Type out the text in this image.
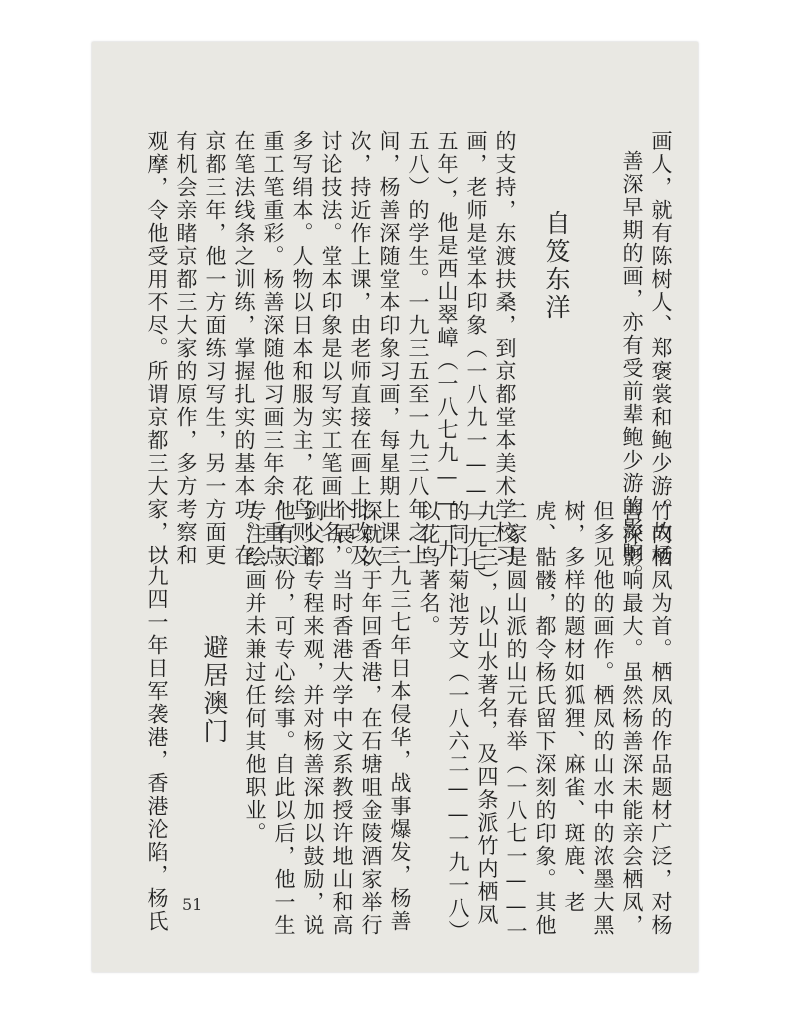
画人，就有陈树人、郑褒裳和鲍少游。故杨
善深早期的画，亦有受前辈鲍少游的影响。
自笈东洋
的支持，东渡扶桑，到京都堂本美术学校习
画，老师是堂本印象（一八九一——一九七
五年），他是西山翠嶂（一八七九——一九
五八）的学生。一九三五至一九三八年之上
间，杨善深随堂本印象习画，每星期上课三
次，持近作上课，由老师直接在画上批改及
讨论技法。堂本印象是以写实工笔画出名，
多写绢本。人物以日本和服为主，花鸟则注
重工笔重彩。杨善深随他习画三年余，重点
在笔法线条之训练，掌握扎实的基本功。在
京都三年，他一方面练习写生，另一方面更
有机会亲睹京都三大家的原作，多方考察和
观摩，令他受用不尽。所谓京都三大家，以
竹内栖凤为首。栖凤的作品题材广泛，对杨
善深影响最大。虽然杨善深未能亲会栖凤，
但多见他的画作。栖凤的山水中的浓墨大黑
树，多样的题材如狐狸、麻雀、斑鹿、老
虎、骷髅，都令杨氏留下深刻的印象。其他
二家是圆山派的山元春举（一八七一——一
九三三），以山水著名，及四条派竹内栖凤
的同门菊池芳文（一八六二——一九一八）
以花鸟著名。
一九三七年日本侵华，战事爆发，杨善
深就次于年回香港，在石塘咀金陵酒家举行
个展。当时香港大学中文系教授许地山和高
剑父都专程来观，并对杨善深加以鼓励，说
他有天份，可专心绘事。自此以后，他一生
专注绘画并未兼过任何其他职业。
避居澳门
一九四一年日军袭港，香港沦陷，杨氏 51
